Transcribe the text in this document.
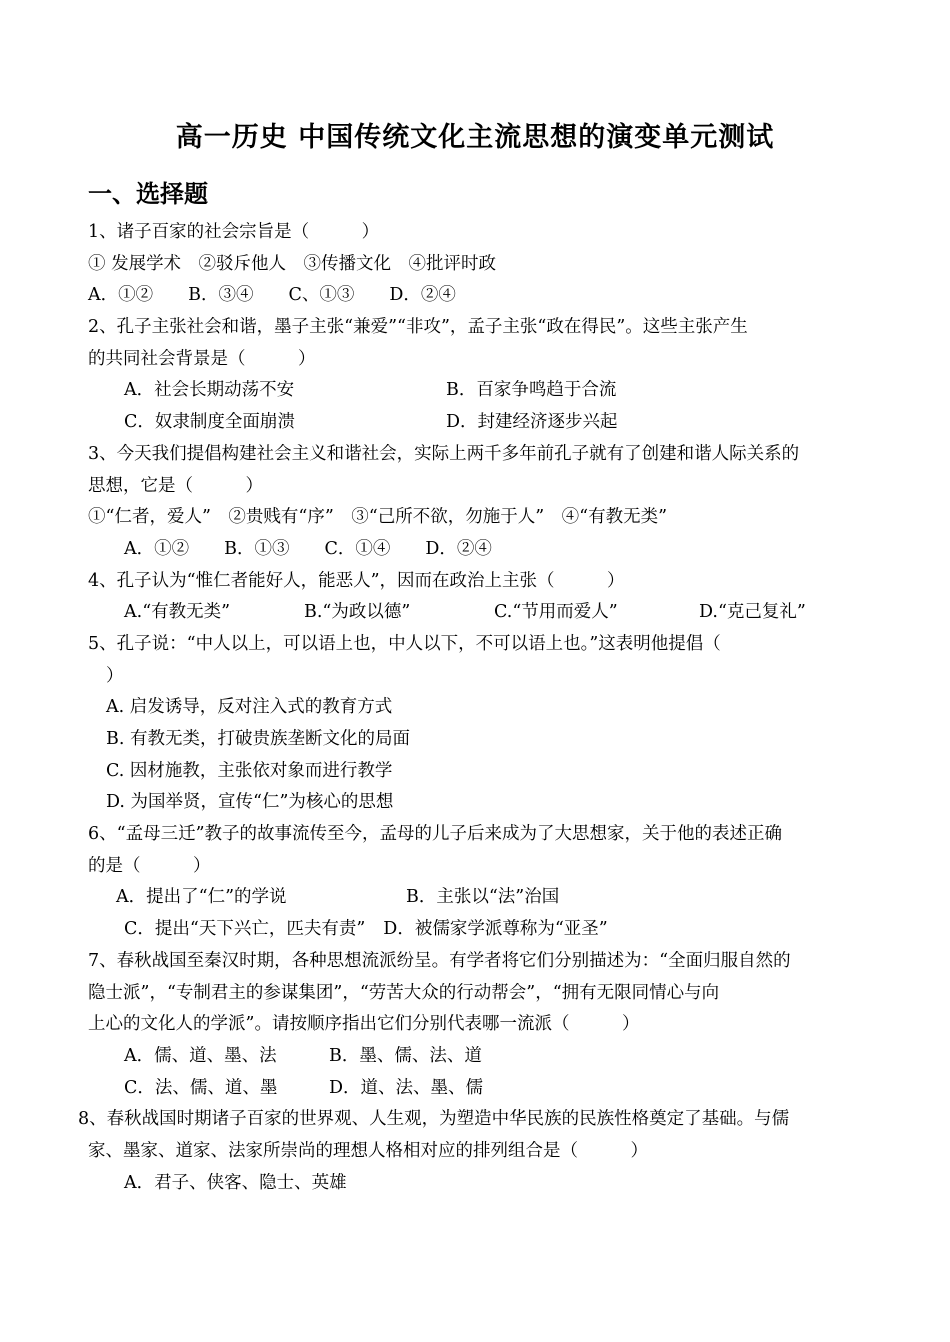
高一历史 中国传统文化主流思想的演变单元测试
一、选择题
1、诸子百家的社会宗旨是（　　　）
① 发展学术　②驳斥他人　③传播文化　④批评时政
A．①②　　B．③④　　C、①③　　D．②④
2、孔子主张社会和谐，墨子主张“兼爱”“非攻”，孟子主张“政在得民”。这些主张产生
的共同社会背景是（　　　）
A．社会长期动荡不安	B．百家争鸣趋于合流
C．奴隶制度全面崩溃	D．封建经济逐步兴起
3、今天我们提倡构建社会主义和谐社会，实际上两千多年前孔子就有了创建和谐人际关系的
思想，它是（　　　）
①“仁者，爱人”　②贵贱有“序”　③“己所不欲，勿施于人”　④“有教无类”
A．①②　　B．①③　　C．①④　　D．②④
4、孔子认为“惟仁者能好人，能恶人”，因而在政治上主张（　　　）
A.“有教无类”	B.“为政以德”	C.“节用而爱人”	D.“克己复礼”
5、孔子说：“中人以上，可以语上也，中人以下，不可以语上也。”这表明他提倡（
）
A. 启发诱导，反对注入式的教育方式
B. 有教无类，打破贵族垄断文化的局面
C. 因材施教，主张依对象而进行教学
D. 为国举贤，宣传“仁”为核心的思想
6、“孟母三迁”教子的故事流传至今，孟母的儿子后来成为了大思想家，关于他的表述正确
的是（　　　）
A．提出了“仁”的学说	B．主张以“法”治国
C．提出“天下兴亡，匹夫有责” D．被儒家学派尊称为“亚圣”
7、春秋战国至秦汉时期，各种思想流派纷呈。有学者将它们分别描述为：“全面归服自然的
隐士派”，“专制君主的参谋集团”，“劳苦大众的行动帮会”，“拥有无限同情心与向
上心的文化人的学派”。请按顺序指出它们分别代表哪一流派（　　　）
A．儒、道、墨、法	B．墨、儒、法、道
C．法、儒、道、墨	D．道、法、墨、儒
8、春秋战国时期诸子百家的世界观、人生观，为塑造中华民族的民族性格奠定了基础。与儒
家、墨家、道家、法家所崇尚的理想人格相对应的排列组合是（　　　）
A．君子、侠客、隐士、英雄
